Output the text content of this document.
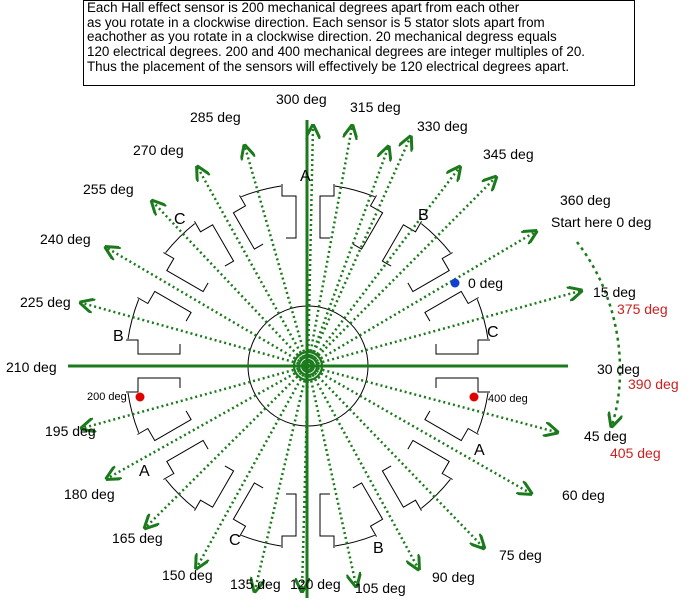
Each Hall effect sensor is 200 mechanical degrees apart from each other
as you rotate in a clockwise direction. Each sensor is 5 stator slots apart from
eachother as you rotate in a clockwise direction. 20 mechanical degress equals
120 electrical degrees. 200 and 400 mechanical degrees are integer multiples of 20.
Thus the placement of the sensors will effectively be 120 electrical degrees apart.
300 deg 315 deg
330 deg
345 deg
360 deg
Start here 0 deg
15 deg
30 deg
45 deg
60 deg
75 deg
90 deg
105 deg
120 deg
135 deg
150 deg
165 deg
180 deg
195 deg
210 deg
225 deg
240 deg
255 deg
270 deg
285 deg
375 deg
390 deg
405 deg
0 deg
200 deg	400 deg
A
B
C
B
A
C
A
B
C
